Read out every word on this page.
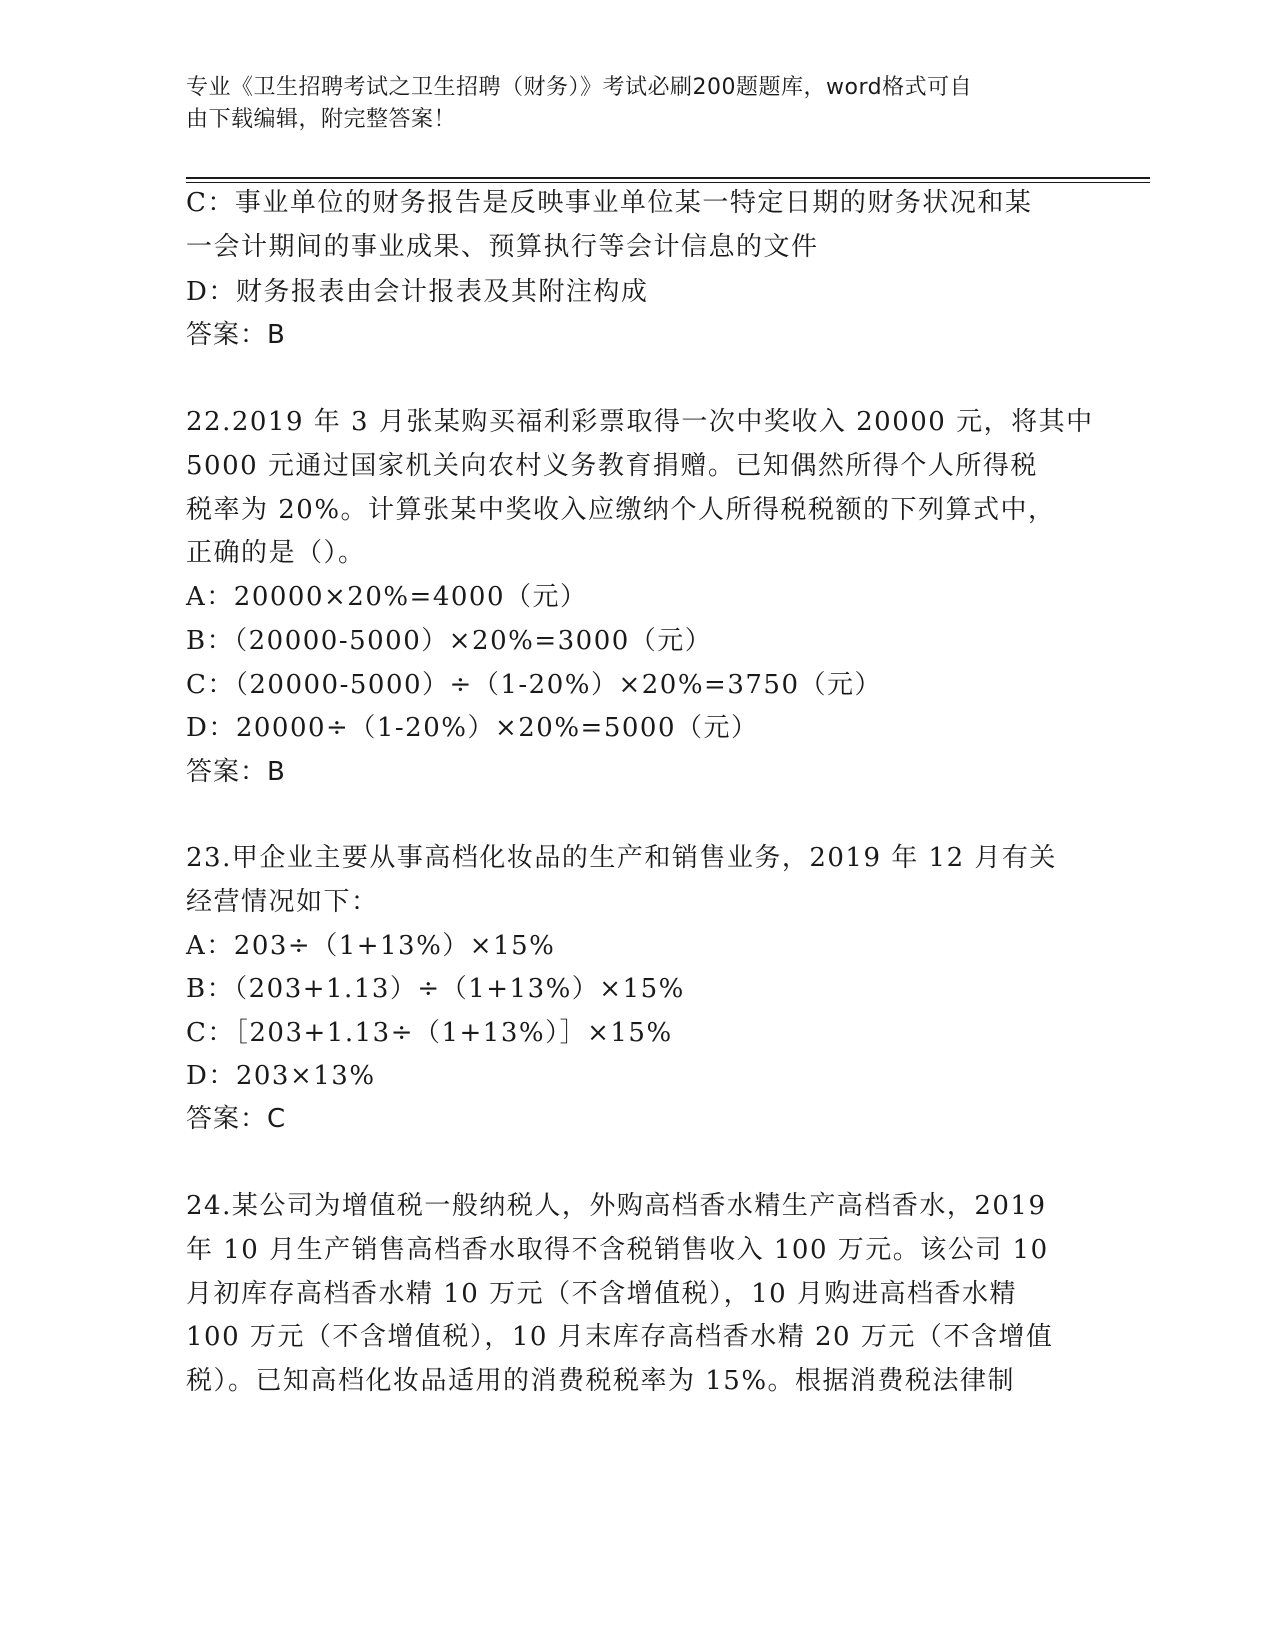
专业《卫生招聘考试之卫生招聘（财务）》考试必刷200题题库，word格式可自
由下载编辑，附完整答案！
C：事业单位的财务报告是反映事业单位某一特定日期的财务状况和某
一会计期间的事业成果、预算执行等会计信息的文件
D：财务报表由会计报表及其附注构成
答案：B
22.2019 年 3 月张某购买福利彩票取得一次中奖收入 20000 元，将其中
5000 元通过国家机关向农村义务教育捐赠。已知偶然所得个人所得税
税率为 20%。计算张某中奖收入应缴纳个人所得税税额的下列算式中，
正确的是（）。
A：20000×20%=4000（元）
B：（20000-5000）×20%=3000（元）
C：（20000-5000）÷（1-20%）×20%=3750（元）
D：20000÷（1-20%）×20%=5000（元）
答案：B
23.甲企业主要从事高档化妆品的生产和销售业务，2019 年 12 月有关
经营情况如下：
A：203÷（1+13%）×15%
B：（203+1.13）÷（1+13%）×15%
C：［203+1.13÷（1+13%）］×15%
D：203×13%
答案：C
24.某公司为增值税一般纳税人，外购高档香水精生产高档香水，2019
年 10 月生产销售高档香水取得不含税销售收入 100 万元。该公司 10
月初库存高档香水精 10 万元（不含增值税），10 月购进高档香水精
100 万元（不含增值税），10 月末库存高档香水精 20 万元（不含增值
税）。已知高档化妆品适用的消费税税率为 15%。根据消费税法律制
